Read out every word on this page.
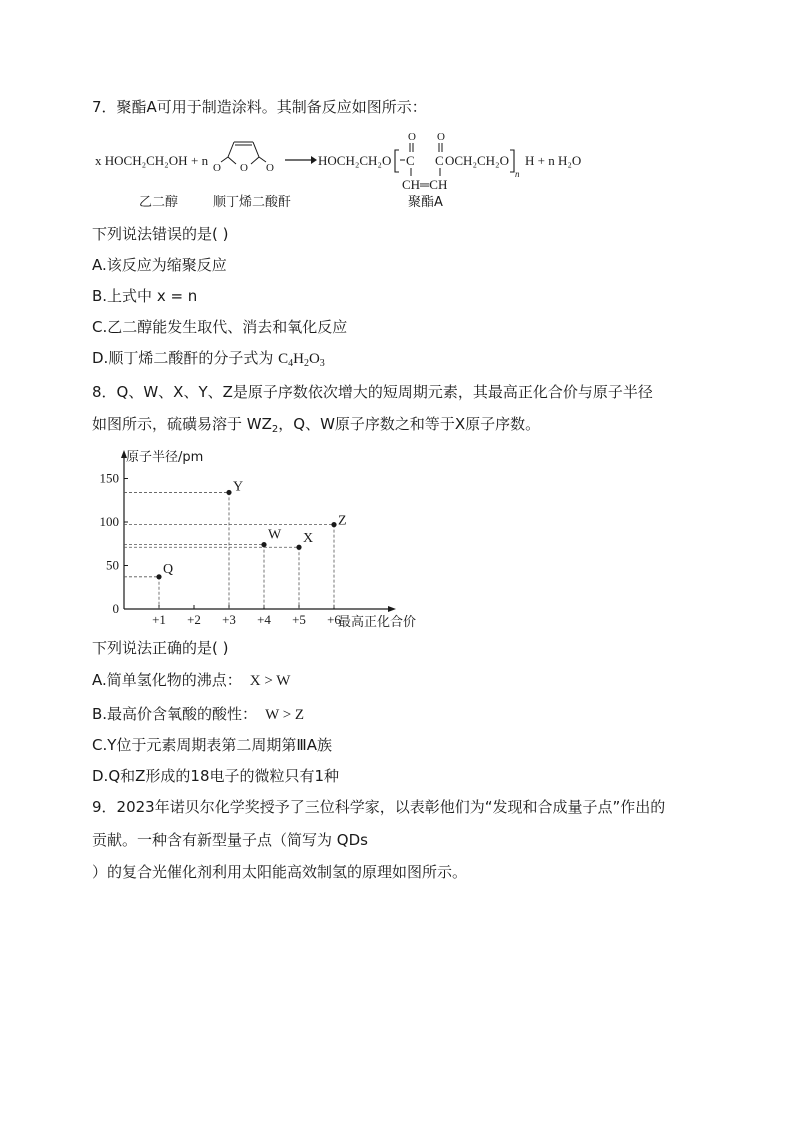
7．聚酯A可用于制造涂料。其制备反应如图所示：
x HOCH₂CH₂OH + n O O O	HOCH₂CH₂O
O
C
O
C OCH₂CH₂O
CH═CH
n
H + n H₂O
乙二醇	顺丁烯二酸酐	聚酯A
下列说法错误的是( )
A.该反应为缩聚反应
B.上式中 x = n
C.乙二醇能发生取代、消去和氧化反应
D.顺丁烯二酸酐的分子式为 $C_4H_2O_3$
8．Q、W、X、Y、Z是原子序数依次增大的短周期元素，其最高正化合价与原子半径
如图所示，硫磺易溶于 $WZ_2$，Q、W原子序数之和等于X原子序数。
原子半径/pm
最高正化合价
0
50
100
150
+1 +2 +3 +4 +5 +6
Q
Y
W X
Z
下列说法正确的是( )
A.简单氢化物的沸点： X > W
B.最高价含氧酸的酸性： W > Z
C.Y位于元素周期表第二周期第ⅢA族
D.Q和Z形成的18电子的微粒只有1种
9．2023年诺贝尔化学奖授予了三位科学家，以表彰他们为“发现和合成量子点”作出的
贡献。一种含有新型量子点（简写为 QDs
）的复合光催化剂利用太阳能高效制氢的原理如图所示。
